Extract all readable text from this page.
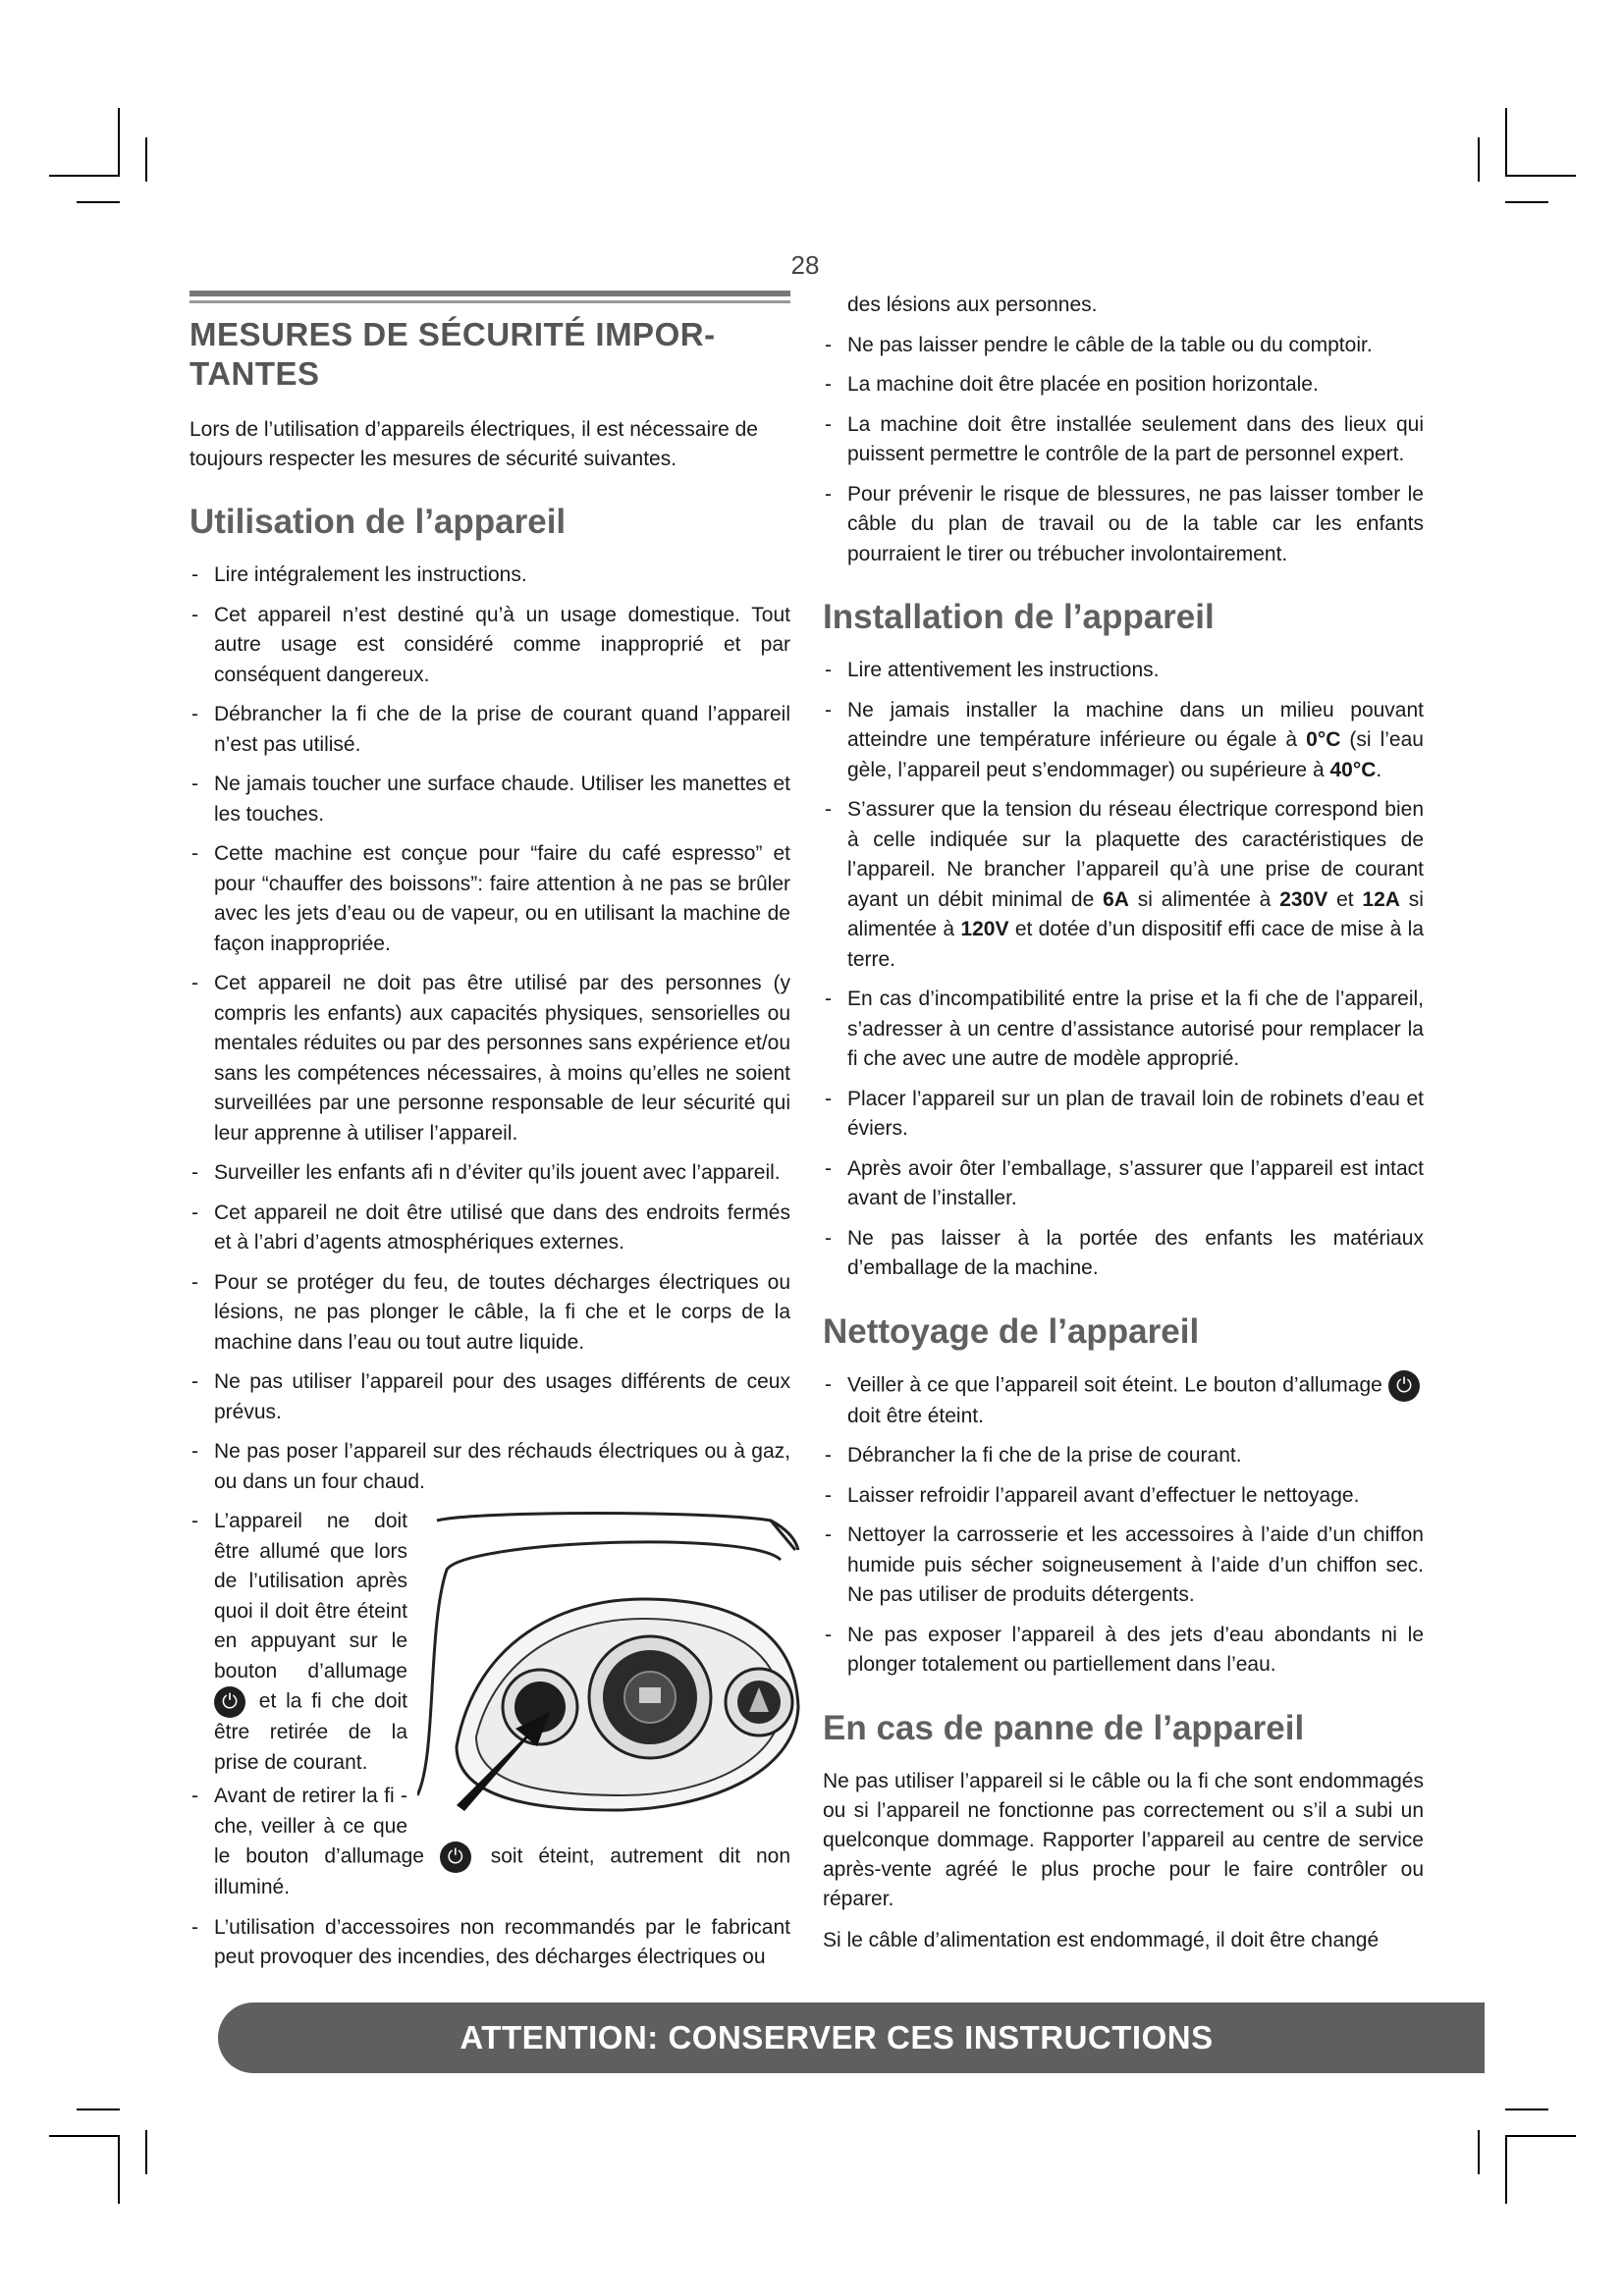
28
MESURES DE SÉCURITÉ IMPOR-TANTES

Lors de l’utilisation d’appareils électriques, il est nécessaire de toujours respecter les mesures de sécurité suivantes.

Utilisation de l’appareil
- Lire intégralement les instructions.
- Cet appareil n’est destiné qu’à un usage domestique. Tout autre usage est considéré comme inapproprié et par conséquent dangereux.
- Débrancher la fi che de la prise de courant quand l’appareil n’est pas utilisé.
- Ne jamais toucher une surface chaude. Utiliser les manettes et les touches.
- Cette machine est conçue pour “faire du café espresso” et pour “chauffer des boissons”: faire attention à ne pas se brûler avec les jets d’eau ou de vapeur, ou en utilisant la machine de façon inappropriée.
- Cet appareil ne doit pas être utilisé par des personnes (y compris les enfants) aux capacités physiques, sensorielles ou mentales réduites ou par des personnes sans expérience et/ou sans les compétences nécessaires, à moins qu’elles ne soient surveillées par une personne responsable de leur sécurité qui leur apprenne à utiliser l’appareil.
- Surveiller les enfants afi n d’éviter qu’ils jouent avec l’appareil.
- Cet appareil ne doit être utilisé que dans des endroits fermés et à l’abri d’agents atmosphériques externes.
- Pour se protéger du feu, de toutes décharges électriques ou lésions, ne pas plonger le câble, la fi che et le corps de la machine dans l’eau ou tout autre liquide.
- Ne pas utiliser l’appareil pour des usages différents de ceux prévus.
- Ne pas poser l’appareil sur des réchauds électriques ou à gaz, ou dans un four chaud.
- L’appareil ne doit être allumé que lors de l’utilisation après quoi il doit être éteint en appuyant sur le bouton d’allumage ⏻ et la fi che doit être retirée de la prise de courant.
- Avant de retirer la fi -che, veiller à ce que le bouton d’allumage ⏻ soit éteint, autrement dit non illuminé.
- L’utilisation d’accessoires non recommandés par le fabricant peut provoquer des incendies, des décharges électriques ou
des lésions aux personnes.
- Ne pas laisser pendre le câble de la table ou du comptoir.
- La machine doit être placée en position horizontale.
- La machine doit être installée seulement dans des lieux qui puissent permettre le contrôle de la part de personnel expert.
- Pour prévenir le risque de blessures, ne pas laisser tomber le câble du plan de travail ou de la table car les enfants pourraient le tirer ou trébucher involontairement.
Installation de l’appareil
- Lire attentivement les instructions.
- Ne jamais installer la machine dans un milieu pouvant atteindre une température inférieure ou égale à 0°C (si l’eau gèle, l’appareil peut s’endommager) ou supérieure à 40°C.
- S’assurer que la tension du réseau électrique correspond bien à celle indiquée sur la plaquette des caractéristiques de l’appareil. Ne brancher l’appareil qu’à une prise de courant ayant un débit minimal de 6A si alimentée à 230V et 12A si alimentée à 120V et dotée d’un dispositif effi cace de mise à la terre.
- En cas d’incompatibilité entre la prise et la fi che de l’appareil, s’adresser à un centre d’assistance autorisé pour remplacer la fi che avec une autre de modèle approprié.
- Placer l’appareil sur un plan de travail loin de robinets d’eau et éviers.
- Après avoir ôter l’emballage, s’assurer que l’appareil est intact avant de l’installer.
- Ne pas laisser à la portée des enfants les matériaux d’emballage de la machine.
Nettoyage de l’appareil
- Veiller à ce que l’appareil soit éteint. Le bouton d’allumage ⏻ doit être éteint.
- Débrancher la fi che de la prise de courant.
- Laisser refroidir l’appareil avant d’effectuer le nettoyage.
- Nettoyer la carrosserie et les accessoires à l’aide d’un chiffon humide puis sécher soigneusement à l’aide d’un chiffon sec. Ne pas utiliser de produits détergents.
- Ne pas exposer l’appareil à des jets d’eau abondants ni le plonger totalement ou partiellement dans l’eau.
En cas de panne de l’appareil

Ne pas utiliser l’appareil si le câble ou la fi che sont endommagés ou si l’appareil ne fonctionne pas correctement ou s’il a subi un quelconque dommage. Rapporter l’appareil au centre de service après-vente agréé le plus proche pour le faire contrôler ou réparer.

Si le câble d’alimentation est endommagé, il doit être changé

ATTENTION: CONSERVER CES INSTRUCTIONS
